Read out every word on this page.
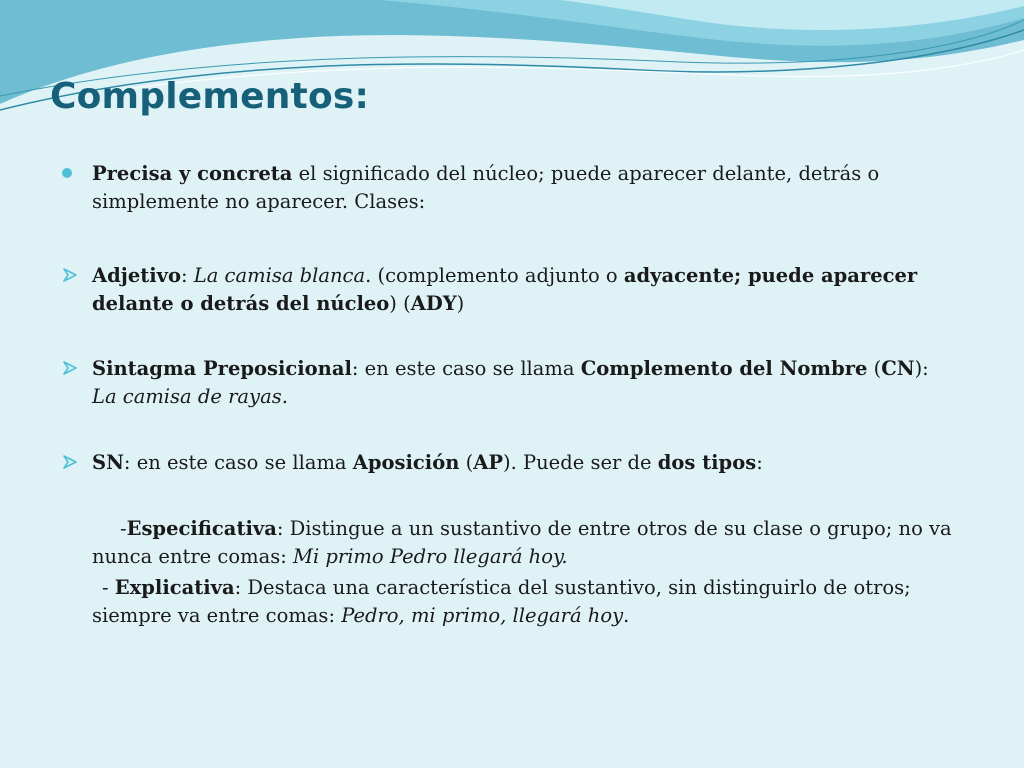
Complementos:
Precisa y concreta el significado del núcleo; puede aparecer delante, detrás o simplemente no aparecer. Clases:
Adjetivo: La camisa blanca. (complemento adjunto o adyacente; puede aparecer delante o detrás del núcleo) (ADY)
Sintagma Preposicional: en este caso se llama Complemento del Nombre (CN): La camisa de rayas.
SN: en este caso se llama Aposición (AP). Puede ser de dos tipos:
-Especificativa: Distingue a un sustantivo de entre otros de su clase o grupo; no va nunca entre comas: Mi primo Pedro llegará hoy.
- Explicativa: Destaca una característica del sustantivo, sin distinguirlo de otros; siempre va entre comas: Pedro, mi primo, llegará hoy.
